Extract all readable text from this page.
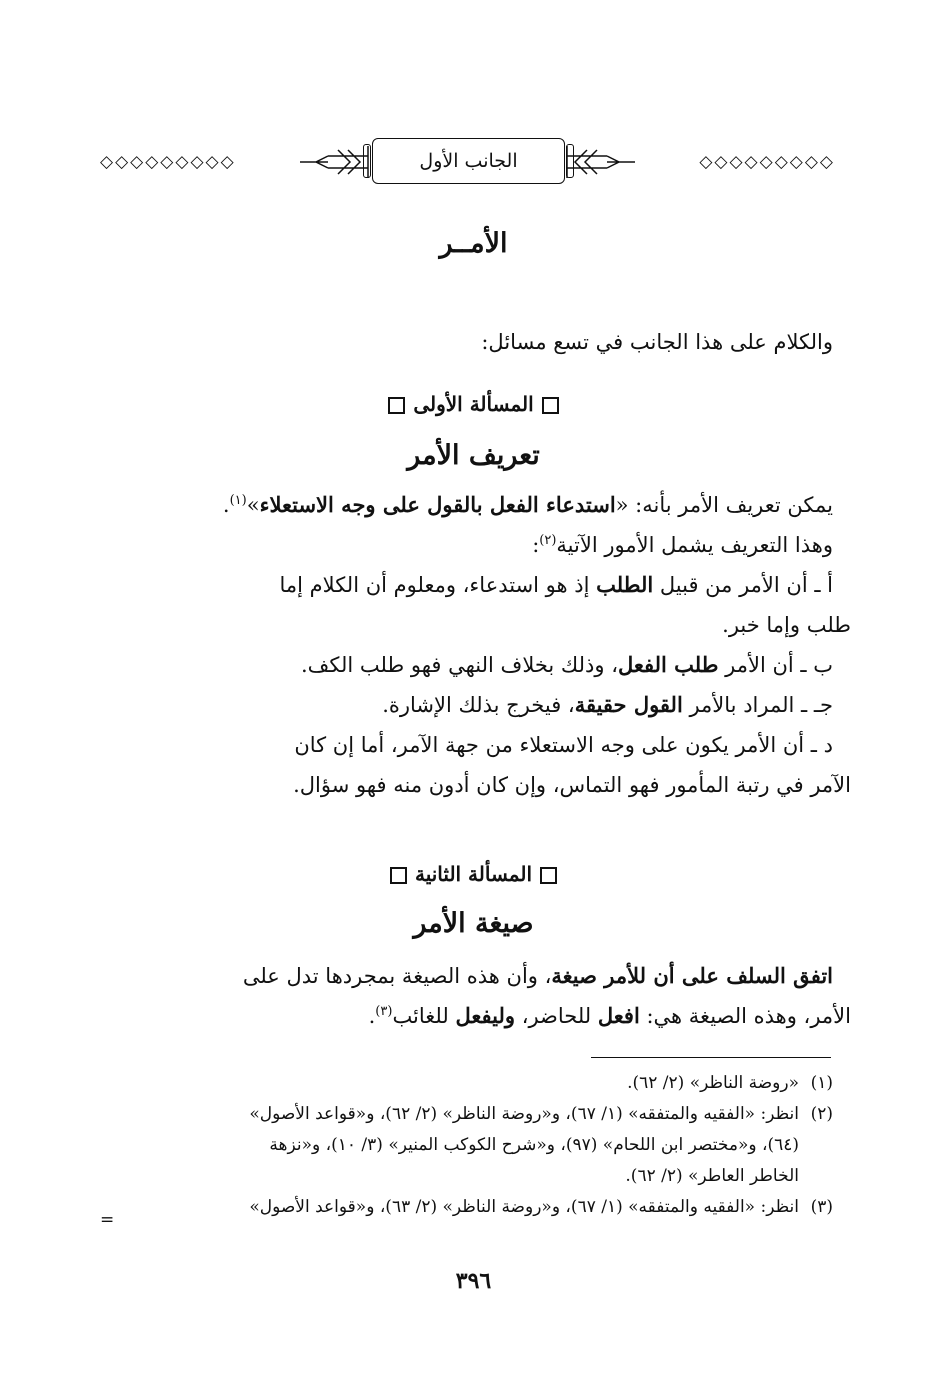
◇◇◇◇◇◇◇◇◇	الجانب الأول	◇◇◇◇◇◇◇◇◇
الأمــر
والكلام على هذا الجانب في تسع مسائل:
المسألة الأولى
تعريف الأمر
يمكن تعريف الأمر بأنه: «استدعاء الفعل بالقول على وجه الاستعلاء»$^{(١)}$.
وهذا التعريف يشمل الأمور الآتية$^{(٢)}$:
أ ـ أن الأمر من قبيل الطلب إذ هو استدعاء، ومعلوم أن الكلام إما
طلب وإما خبر.
ب ـ أن الأمر طلب الفعل، وذلك بخلاف النهي فهو طلب الكف.
جـ ـ المراد بالأمر القول حقيقة، فيخرج بذلك الإشارة.
د ـ أن الأمر يكون على وجه الاستعلاء من جهة الآمر، أما إن كان
الآمر في رتبة المأمور فهو التماس، وإن كان أدون منه فهو سؤال.
المسألة الثانية
صيغة الأمر
اتفق السلف على أن للأمر صيغة، وأن هذه الصيغة بمجردها تدل على
الأمر، وهذه الصيغة هي: افعل للحاضر، وليفعل للغائب$^{(٣)}$.
(١)
«روضة الناظر» (٢/ ٦٢).
(٢)
انظر: «الفقيه والمتفقه» (١/ ٦٧)، و«روضة الناظر» (٢/ ٦٢)، و«قواعد الأصول»
(٦٤)، و«مختصر ابن اللحام» (٩٧)، و«شرح الكوكب المنير» (٣/ ١٠)، و«نزهة
الخاطر العاطر» (٢/ ٦٢).
(٣)
انظر: «الفقيه والمتفقه» (١/ ٦٧)، و«روضة الناظر» (٢/ ٦٣)، و«قواعد الأصول»
=
٣٩٦
